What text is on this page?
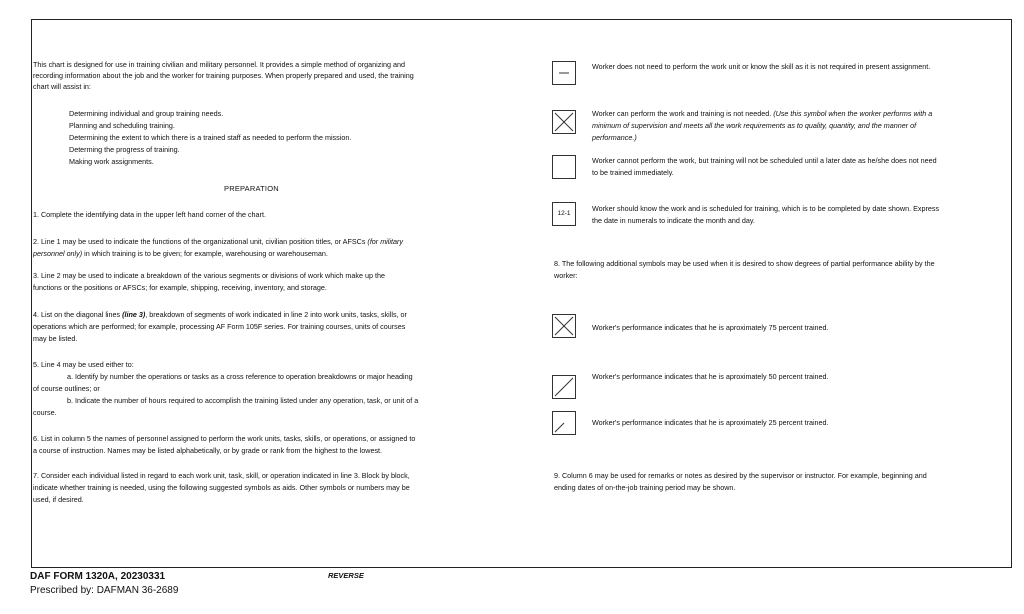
This chart is designed for use in training civilian and military personnel. It provides a simple method of organizing and
recording information about the job and the worker for training purposes. When properly prepared and used, the training
chart will assist in:
Determining individual and group training needs.
Planning and scheduling training.
Determining the extent to which there is a trained staff as needed to perform the mission.
Determing the progress of training.
Making work assignments.
PREPARATION
1. Complete the identifying data in the upper left hand corner of the chart.
2. Line 1 may be used to indicate the functions of the organizational unit, civilian position titles, or AFSCs (for military
personnel only) in which training is to be given; for example, warehousing or warehouseman.
3. Line 2 may be used to indicate a breakdown of the various segments or divisions of work which make up the
functions or the positions or AFSCs; for example, shipping, receiving, inventory, and storage.
4. List on the diagonal lines (line 3), breakdown of segments of work indicated in line 2 into work units, tasks, skills, or
operations which are performed; for example, processing AF Form 105F series. For training courses, units of courses
may be listed.
5. Line 4 may be used either to:
a. Identify by number the operations or tasks as a cross reference to operation breakdowns or major heading
of course outlines; or
b. Indicate the number of hours required to accomplish the training listed under any operation, task, or unit of a
course.
6. List in column 5 the names of personnel assigned to perform the work units, tasks, skills, or operations, or assigned to
a course of instruction. Names may be listed alphabetically, or by grade or rank from the highest to the lowest.
7. Consider each individual listed in regard to each work unit, task, skill, or operation indicated in line 3. Block by block,
indicate whether training is needed, using the following suggested symbols as aids. Other symbols or numbers may be
used, if desired.
Worker does not need to perform the work unit or know the skill as it is not required in present assignment.
Worker can perform the work and training is not needed. (Use this symbol when the worker performs with a
minimum of supervision and meets all the work requirements as to quality, quantity, and the manner of
performance.)
Worker cannot perform the work, but training will not be scheduled until a later date as he/she does not need
to be trained immediately.
12-1
Worker should know the work and is scheduled for training, which is to be completed by date shown. Express
the date in numerals to indicate the month and day.
8. The following additional symbols may be used when it is desired to show degrees of partial performance ability by the
worker:
Worker's performance indicates that he is aproximately 75 percent trained.
Worker's performance indicates that he is aproximately 50 percent trained.
Worker's performance indicates that he is aproximately 25 percent trained.
9. Column 6 may be used for remarks or notes as desired by the supervisor or instructor. For example, beginning and
ending dates of on-the-job training period may be shown.
DAF FORM 1320A, 20230331	REVERSE
Prescribed by: DAFMAN 36-2689
